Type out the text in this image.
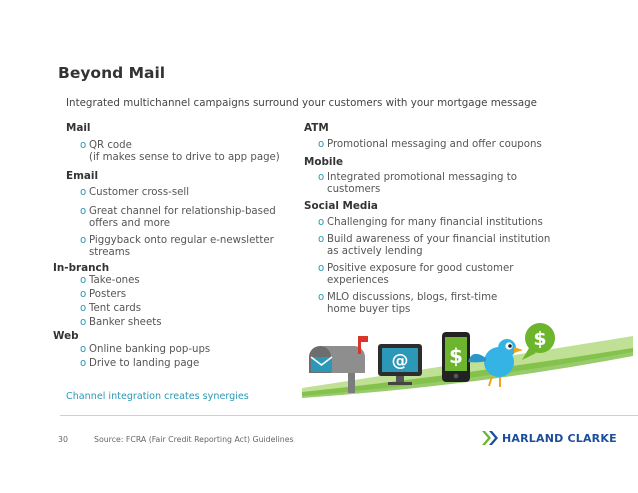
Beyond Mail
Integrated multichannel campaigns surround your customers with your mortgage message
Mail
o QR code
(if makes sense to drive to app page)
Email
o Customer cross-sell
o Great channel for relationship-based
offers and more
o Piggyback onto regular e-newsletter
streams
In-branch
o Take-ones
o Posters
o Tent cards
o Banker sheets
Web
o Online banking pop-ups
o Drive to landing page
ATM
o Promotional messaging and offer coupons
Mobile
o Integrated promotional messaging to
customers
Social Media
o Challenging for many financial institutions
o Build awareness of your financial institution
as actively lending
o Positive exposure for good customer
experiences
o MLO discussions, blogs, first-time
home buyer tips
@ $
$
Channel integration creates synergies
30	Source: FCRA (Fair Credit Reporting Act) Guidelines	HARLAND CLARKE
